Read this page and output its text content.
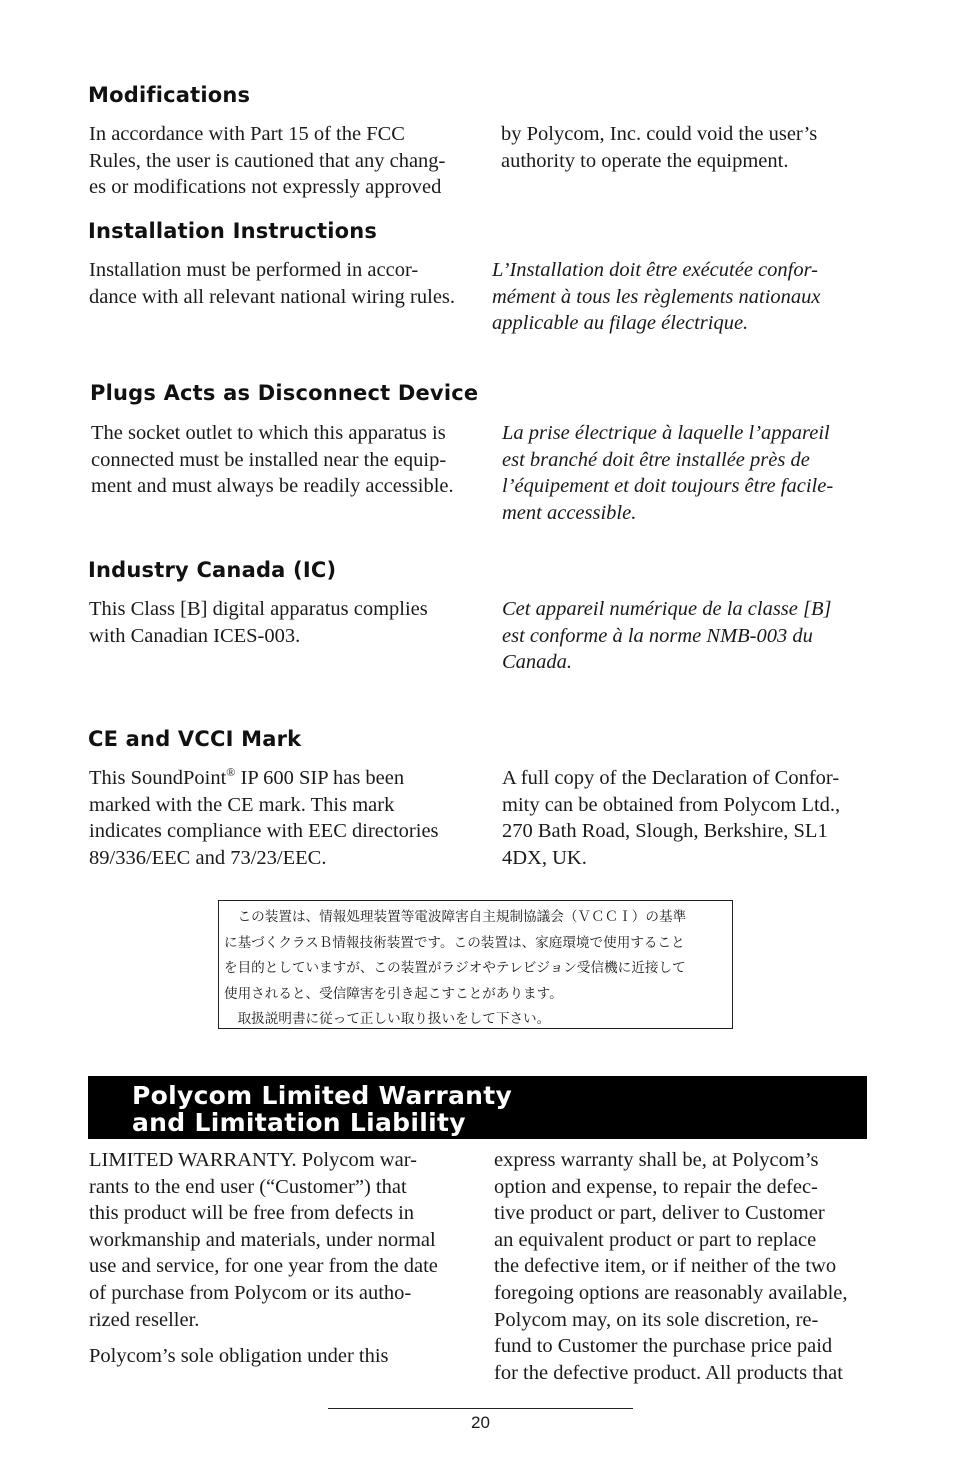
Modifications

In accordance with Part 15 of the FCC

Rules, the user is cautioned that any chang-

es or modifications not expressly approved

by Polycom, Inc. could void the user’s

authority to operate the equipment.

Installation Instructions

Installation must be performed in accor-

dance with all relevant national wiring rules.

L’Installation doit être exécutée confor-

mément à tous les règlements nationaux

applicable au filage électrique.

Plugs Acts as Disconnect Device

The socket outlet to which this apparatus is

connected must be installed near the equip-

ment and must always be readily accessible.

La prise électrique à laquelle l’appareil

est branché doit être installée près de

l’équipement et doit toujours être facile-

ment accessible.

Industry Canada (IC)

This Class [B] digital apparatus complies

with Canadian ICES-003.

Cet appareil numérique de la classe [B]

est conforme à la norme NMB-003 du

Canada.

CE and VCCI Mark

This SoundPoint® IP 600 SIP has been

marked with the CE mark. This mark

indicates compliance with EEC directories

89/336/EEC and 73/23/EEC.

A full copy of the Declaration of Confor-

mity can be obtained from Polycom Ltd.,

270 Bath Road, Slough, Berkshire, SL1

4DX, UK.

　この装置は、情報処理装置等電波障害自主規制協議会（ＶＣＣＩ）の基準
に基づくクラスＢ情報技術装置です。この装置は、家庭環境で使用すること
を目的としていますが、この装置がラジオやテレビジョン受信機に近接して
使用されると、受信障害を引き起こすことがあります。
　取扱説明書に従って正しい取り扱いをして下さい。
Polycom Limited Warranty
and Limitation Liability

LIMITED WARRANTY. Polycom war-

rants to the end user (“Customer”) that

this product will be free from defects in

workmanship and materials, under normal

use and service, for one year from the date

of purchase from Polycom or its autho-

rized reseller.

Polycom’s sole obligation under this

express warranty shall be, at Polycom’s

option and expense, to repair the defec-

tive product or part, deliver to Customer

an equivalent product or part to replace

the defective item, or if neither of the two

foregoing options are reasonably available,

Polycom may, on its sole discretion, re-

fund to Customer the purchase price paid

for the defective product. All products that

20
